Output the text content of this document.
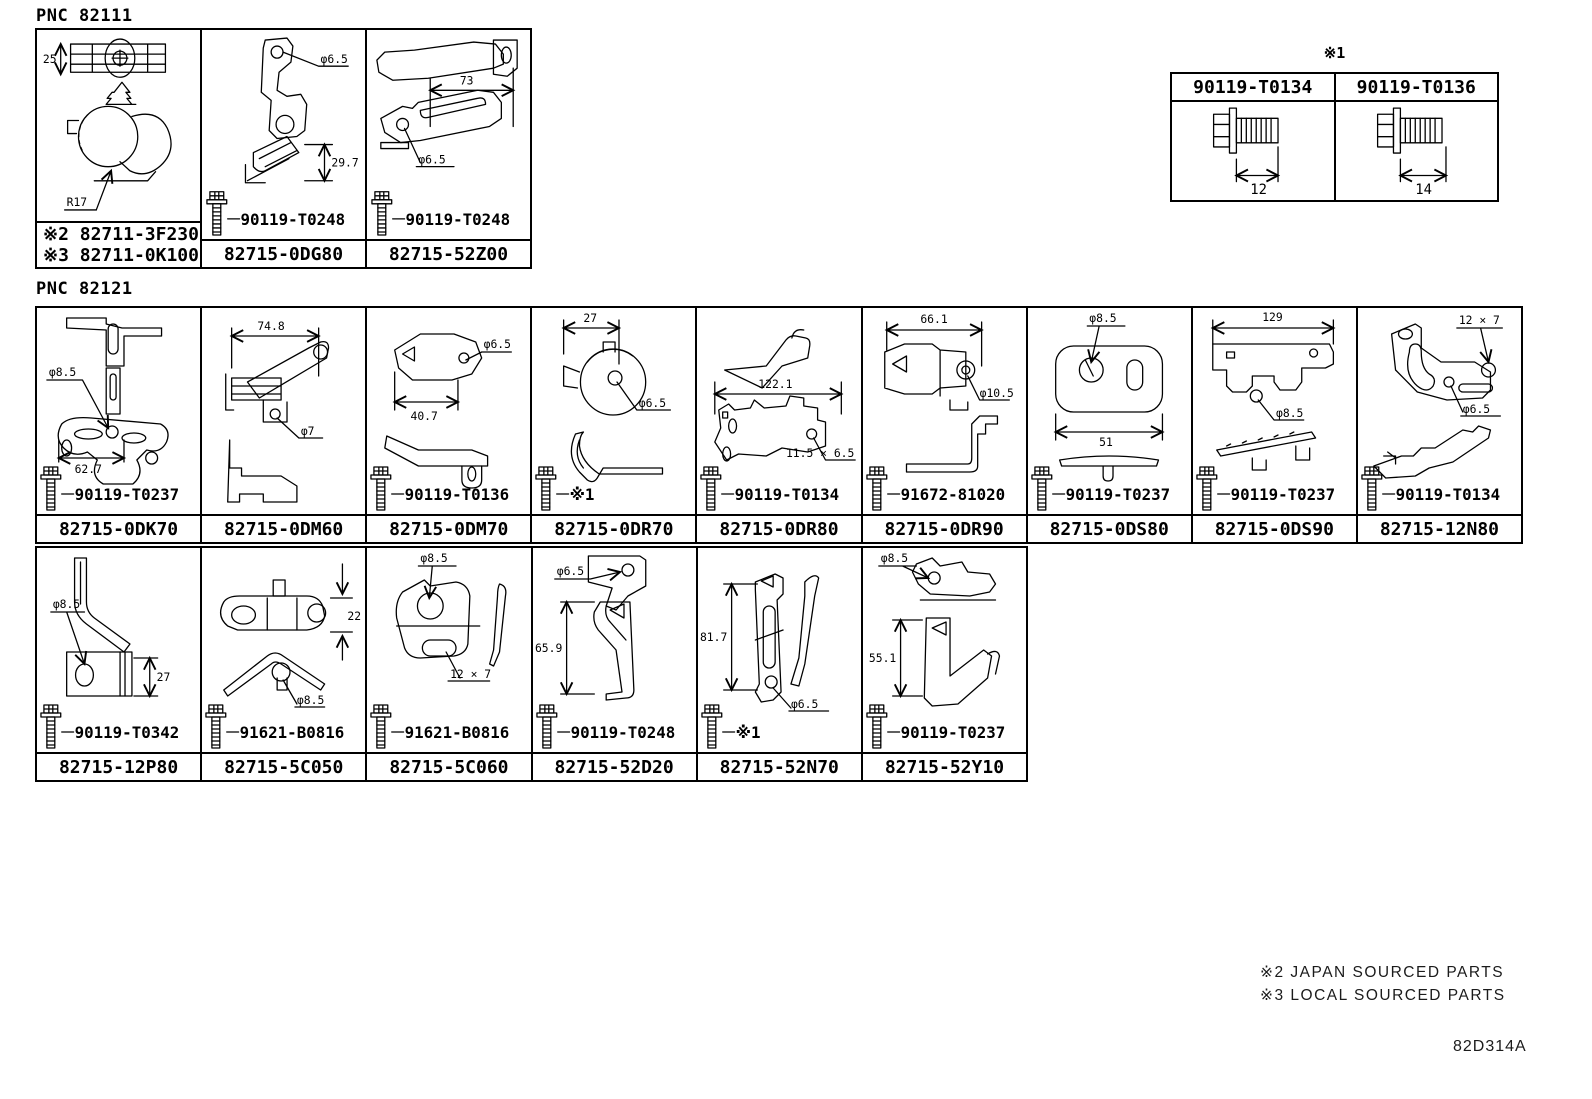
PNC 82111
25
R17
※2 82711-3F230
※3 82711-0K100
φ6.5
29.7
90119-T0248
82715-0DG80
73
φ6.5
90119-T0248
82715-52Z00
※1
90119-T0134
12
90119-T0136
14
PNC 82121
φ8.5
62.7
90119-T0237
82715-0DK70
74.8
φ7
82715-0DM60
φ6.5
40.7
90119-T0136
82715-0DM70
27
φ6.5
※1
82715-0DR70
122.1
11.5 × 6.5
90119-T0134
82715-0DR80
66.1
φ10.5
91672-81020
82715-0DR90
φ8.5
51
90119-T0237
82715-0DS80
129
φ8.5
90119-T0237
82715-0DS90
12 × 7
φ6.5
90119-T0134
82715-12N80
φ8.5
27
90119-T0342
82715-12P80
22
φ8.5
91621-B0816
82715-5C050
φ8.5
12 × 7
91621-B0816
82715-5C060
φ6.5
65.9
90119-T0248
82715-52D20
81.7
φ6.5
※1
82715-52N70
φ8.5
55.1
90119-T0237
82715-52Y10
※2 JAPAN SOURCED PARTS
※3 LOCAL SOURCED PARTS
82D314A
